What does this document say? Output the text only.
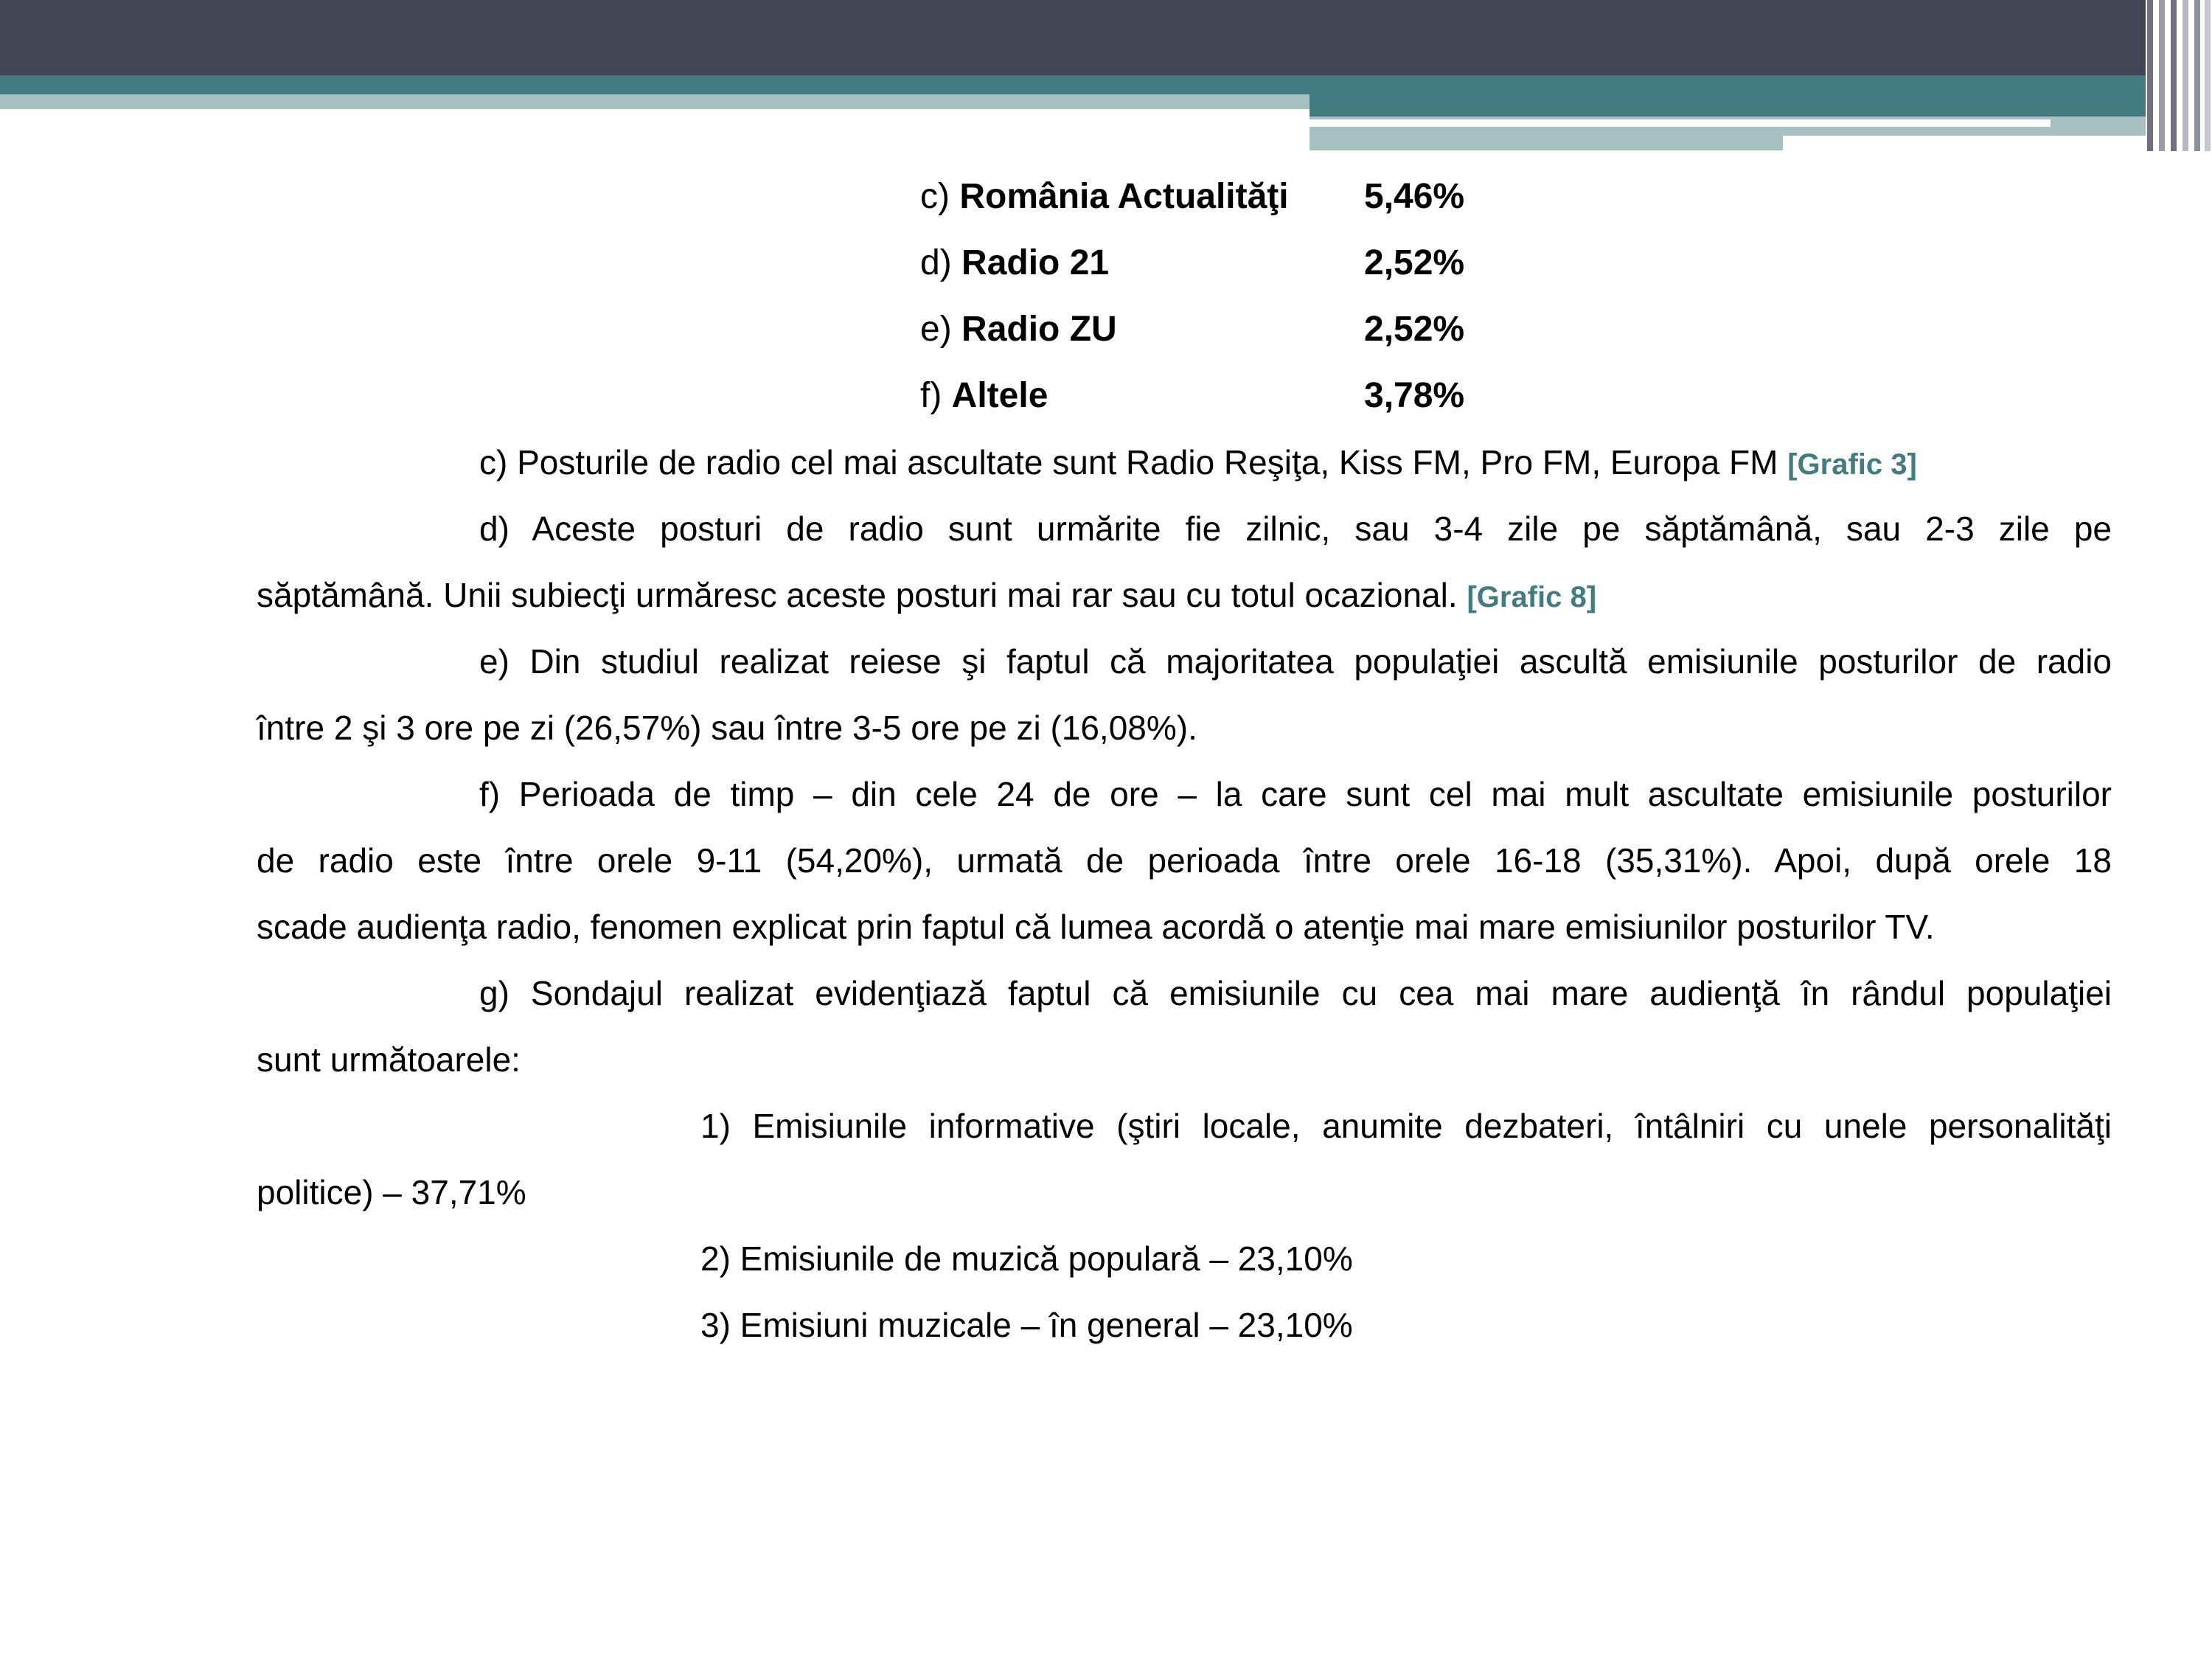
c) România Actualităţi 5,46%
d) Radio 21	2,52%
e) Radio ZU	2,52%
f) Altele	3,78%
c) Posturile de radio cel mai ascultate sunt Radio Reşiţa, Kiss FM, Pro FM, Europa FM [Grafic 3]
d) Aceste posturi de radio sunt urmărite fie zilnic, sau 3-4 zile pe săptămână, sau 2-3 zile pe
săptămână. Unii subiecţi urmăresc aceste posturi mai rar sau cu totul ocazional. [Grafic 8]
e) Din studiul realizat reiese şi faptul că majoritatea populaţiei ascultă emisiunile posturilor de radio
între 2 şi 3 ore pe zi (26,57%) sau între 3-5 ore pe zi (16,08%).
f) Perioada de timp – din cele 24 de ore – la care sunt cel mai mult ascultate emisiunile posturilor
de radio este între orele 9-11 (54,20%), urmată de perioada între orele 16-18 (35,31%). Apoi, după orele 18
scade audienţa radio, fenomen explicat prin faptul că lumea acordă o atenţie mai mare emisiunilor posturilor TV.
g) Sondajul realizat evidenţiază faptul că emisiunile cu cea mai mare audienţă în rândul populaţiei
sunt următoarele:
1) Emisiunile informative (ştiri locale, anumite dezbateri, întâlniri cu unele personalităţi
politice) – 37,71%
2) Emisiunile de muzică populară – 23,10%
3) Emisiuni muzicale – în general – 23,10%
